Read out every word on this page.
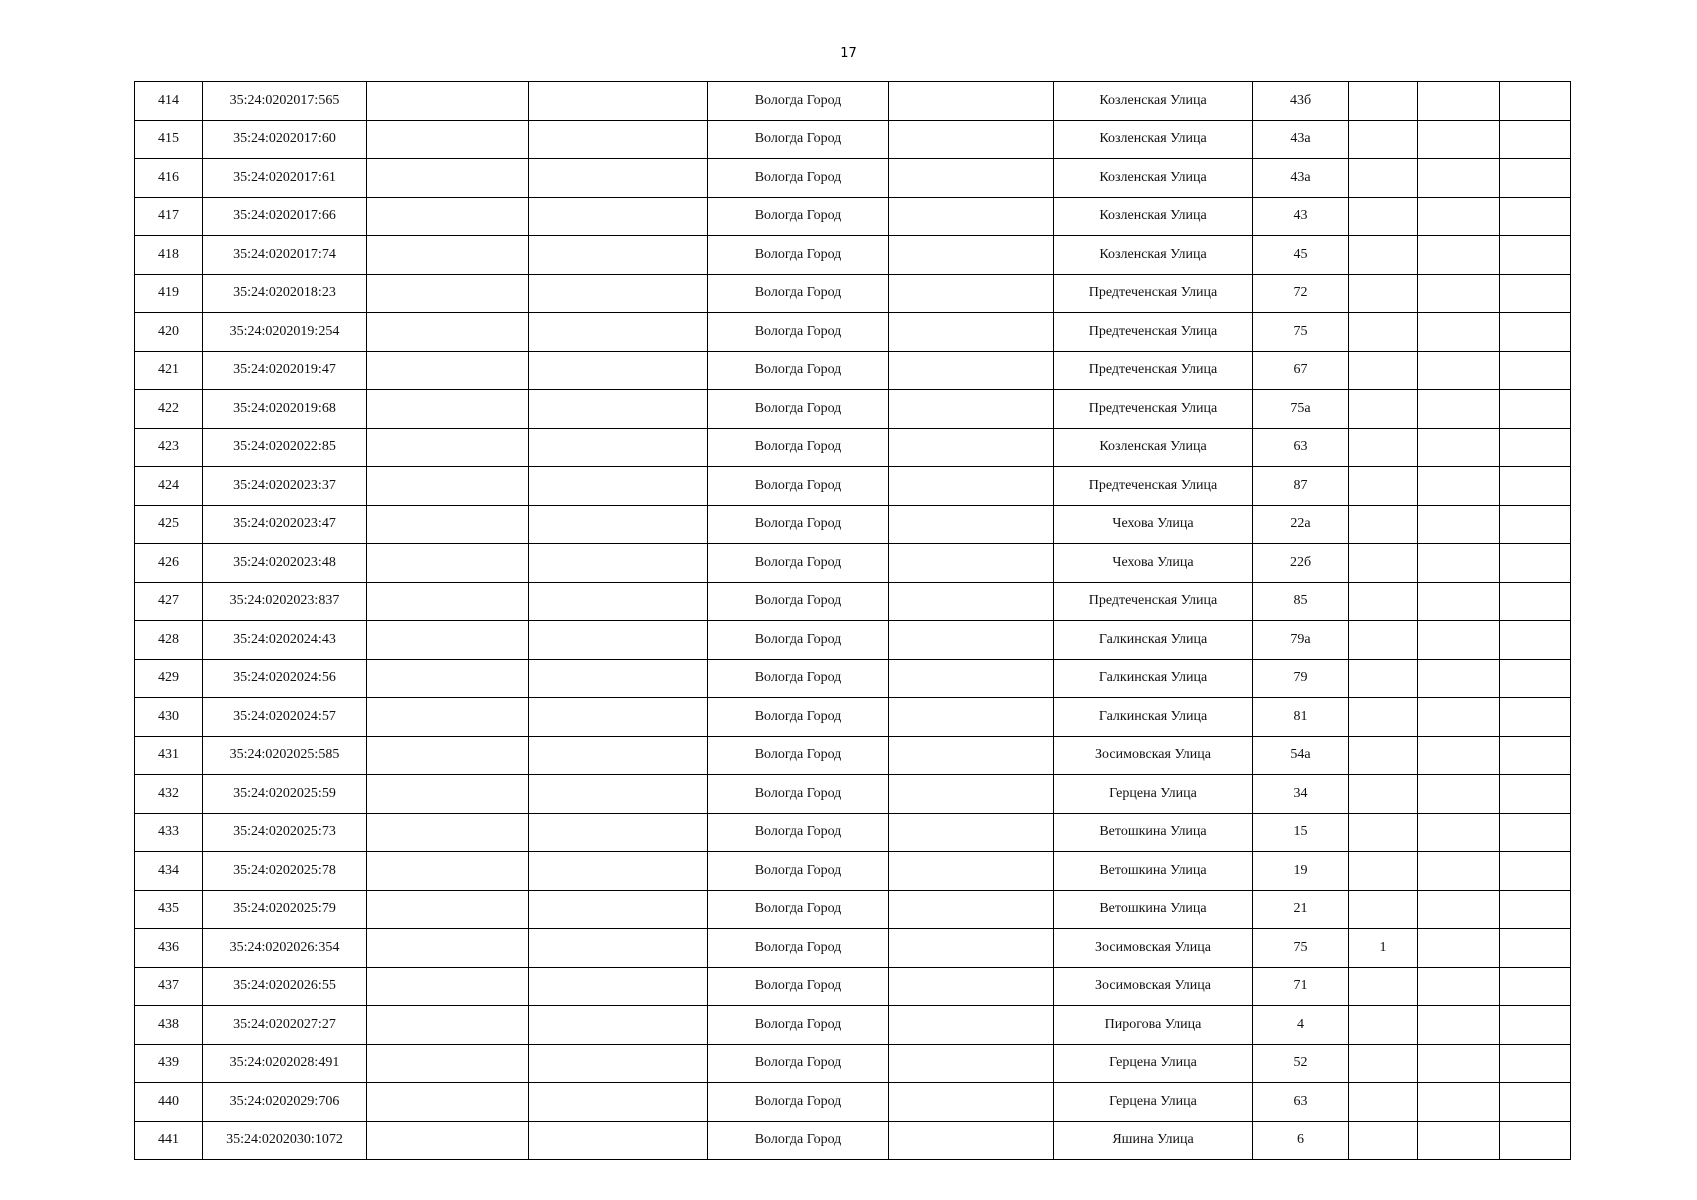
17
414	35:24:0202017:565			Вологда Город		Козленская Улица	43б			
415	35:24:0202017:60			Вологда Город		Козленская Улица	43а			
416	35:24:0202017:61			Вологда Город		Козленская Улица	43а			
417	35:24:0202017:66			Вологда Город		Козленская Улица	43			
418	35:24:0202017:74			Вологда Город		Козленская Улица	45			
419	35:24:0202018:23			Вологда Город		Предтеченская Улица	72			
420	35:24:0202019:254			Вологда Город		Предтеченская Улица	75			
421	35:24:0202019:47			Вологда Город		Предтеченская Улица	67			
422	35:24:0202019:68			Вологда Город		Предтеченская Улица	75а			
423	35:24:0202022:85			Вологда Город		Козленская Улица	63			
424	35:24:0202023:37			Вологда Город		Предтеченская Улица	87			
425	35:24:0202023:47			Вологда Город		Чехова Улица	22а			
426	35:24:0202023:48			Вологда Город		Чехова Улица	22б			
427	35:24:0202023:837			Вологда Город		Предтеченская Улица	85			
428	35:24:0202024:43			Вологда Город		Галкинская Улица	79а			
429	35:24:0202024:56			Вологда Город		Галкинская Улица	79			
430	35:24:0202024:57			Вологда Город		Галкинская Улица	81			
431	35:24:0202025:585			Вологда Город		Зосимовская Улица	54а			
432	35:24:0202025:59			Вологда Город		Герцена Улица	34			
433	35:24:0202025:73			Вологда Город		Ветошкина Улица	15			
434	35:24:0202025:78			Вологда Город		Ветошкина Улица	19			
435	35:24:0202025:79			Вологда Город		Ветошкина Улица	21			
436	35:24:0202026:354			Вологда Город		Зосимовская Улица	75	1		
437	35:24:0202026:55			Вологда Город		Зосимовская Улица	71			
438	35:24:0202027:27			Вологда Город		Пирогова Улица	4			
439	35:24:0202028:491			Вологда Город		Герцена Улица	52			
440	35:24:0202029:706			Вологда Город		Герцена Улица	63			
441	35:24:0202030:1072			Вологда Город		Яшина Улица	6			
